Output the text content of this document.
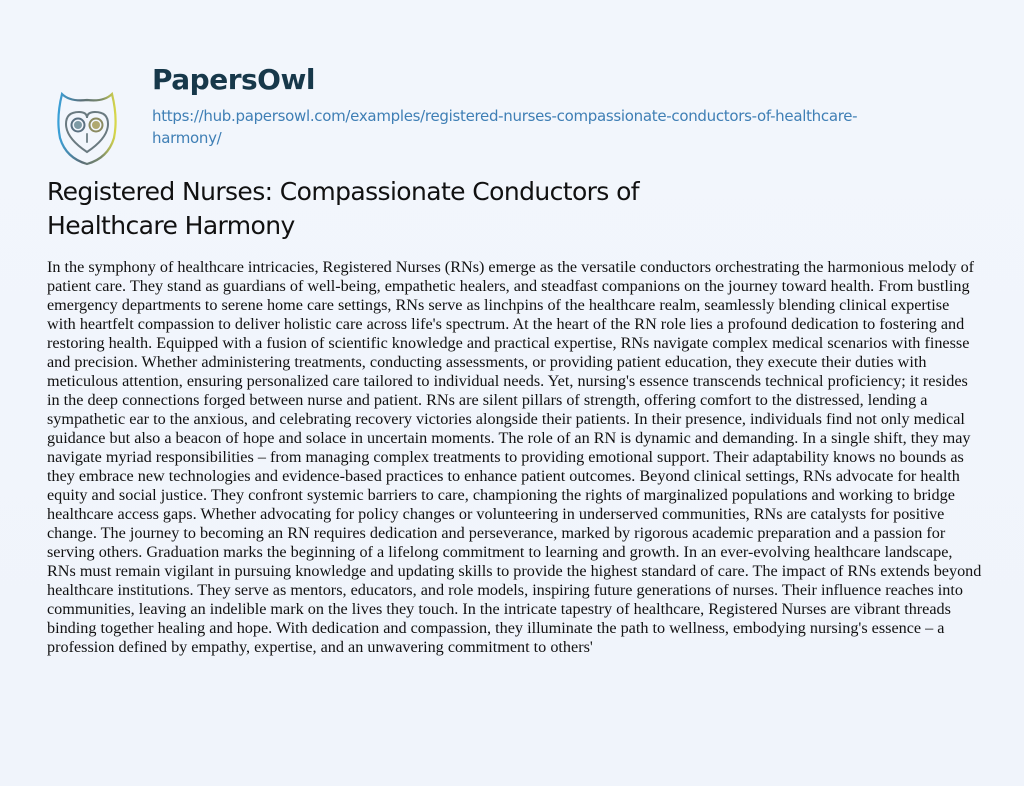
PapersOwl
https://hub.papersowl.com/examples/registered-nurses-compassionate-conductors-of-healthcare-harmony/
Registered Nurses: Compassionate Conductors of Healthcare Harmony

In the symphony of healthcare intricacies, Registered Nurses (RNs) emerge as the versatile conductors orchestrating the harmonious melody of patient care. They stand as guardians of well-being, empathetic healers, and steadfast companions on the journey toward health. From bustling emergency departments to serene home care settings, RNs serve as linchpins of the healthcare realm, seamlessly blending clinical expertise with heartfelt compassion to deliver holistic care across life's spectrum. At the heart of the RN role lies a profound dedication to fostering and restoring health. Equipped with a fusion of scientific knowledge and practical expertise, RNs navigate complex medical scenarios with finesse and precision. Whether administering treatments, conducting assessments, or providing patient education, they execute their duties with meticulous attention, ensuring personalized care tailored to individual needs. Yet, nursing's essence transcends technical proficiency; it resides in the deep connections forged between nurse and patient. RNs are silent pillars of strength, offering comfort to the distressed, lending a sympathetic ear to the anxious, and celebrating recovery victories alongside their patients. In their presence, individuals find not only medical guidance but also a beacon of hope and solace in uncertain moments. The role of an RN is dynamic and demanding. In a single shift, they may navigate myriad responsibilities – from managing complex treatments to providing emotional support. Their adaptability knows no bounds as they embrace new technologies and evidence-based practices to enhance patient outcomes. Beyond clinical settings, RNs advocate for health equity and social justice. They confront systemic barriers to care, championing the rights of marginalized populations and working to bridge healthcare access gaps. Whether advocating for policy changes or volunteering in underserved communities, RNs are catalysts for positive change. The journey to becoming an RN requires dedication and perseverance, marked by rigorous academic preparation and a passion for serving others. Graduation marks the beginning of a lifelong commitment to learning and growth. In an ever-evolving healthcare landscape, RNs must remain vigilant in pursuing knowledge and updating skills to provide the highest standard of care. The impact of RNs extends beyond healthcare institutions. They serve as mentors, educators, and role models, inspiring future generations of nurses. Their influence reaches into communities, leaving an indelible mark on the lives they touch. In the intricate tapestry of healthcare, Registered Nurses are vibrant threads binding together healing and hope. With dedication and compassion, they illuminate the path to wellness, embodying nursing's essence – a profession defined by empathy, expertise, and an unwavering commitment to others'
